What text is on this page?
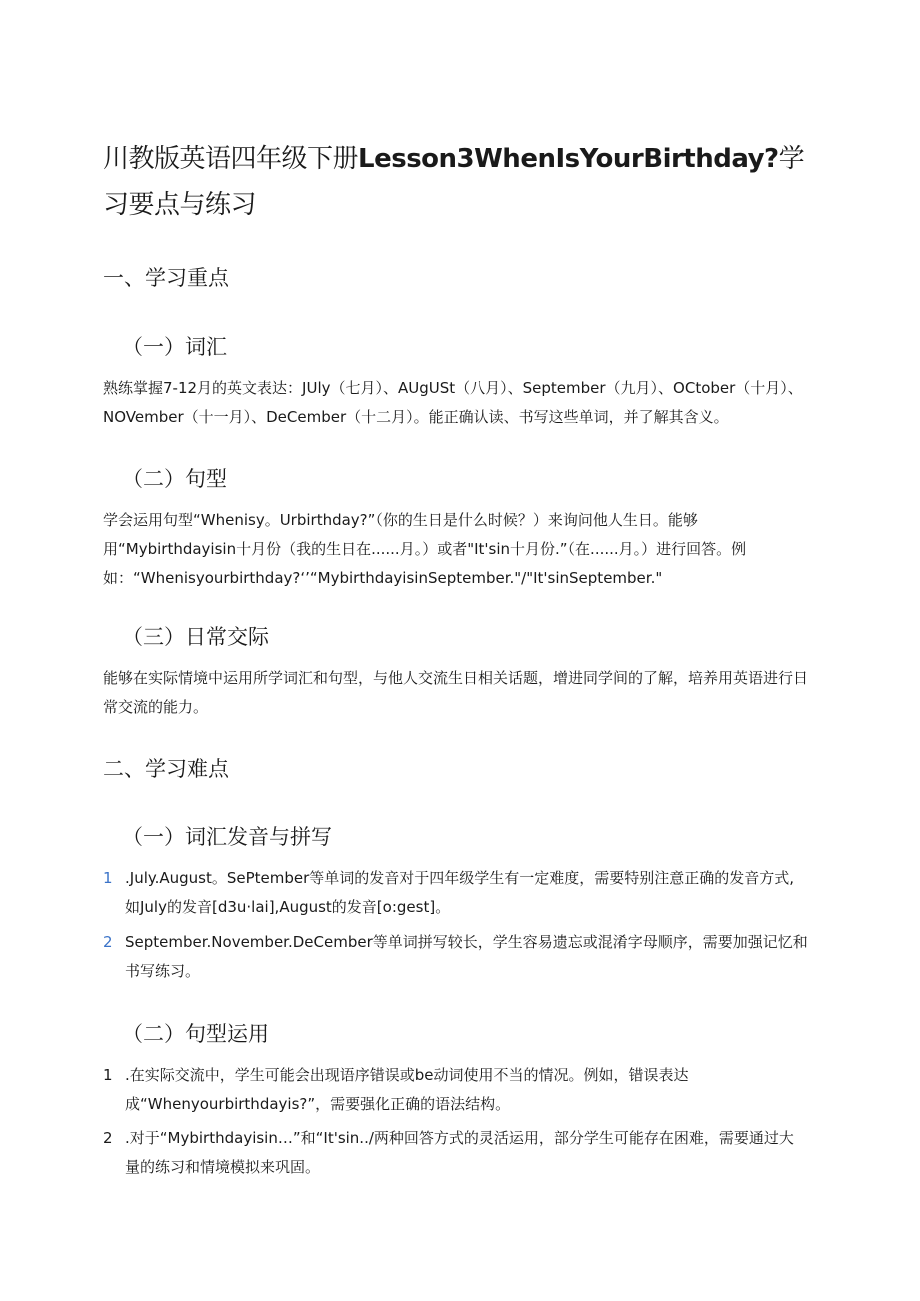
川教版英语四年级下册Lesson3WhenIsYourBirthday?学习要点与练习
一、学习重点
（一）词汇

熟练掌握7-12月的英文表达：JUly（七月）、AUgUSt（八月）、September（九月）、OCtober（十月）、NOVember（十一月）、DeCember（十二月）。能正确认读、书写这些单词，并了解其含义。

（二）句型

学会运用句型“Whenisy。Urbirthday?”（你的生日是什么时候？）来询问他人生日。能够用“Mybirthdayisin十月份（我的生日在......月。）或者"It'sin十月份.”（在......月。）进行回答。例如：“Whenisyourbirthday?‘’“MybirthdayisinSeptember."/"It'sinSeptember."

（三）日常交际

能够在实际情境中运用所学词汇和句型，与他人交流生日相关话题，增进同学间的了解，培养用英语进行日常交流的能力。

二、学习难点
（一）词汇发音与拼写
1 .July.August。SePtember等单词的发音对于四年级学生有一定难度，需要特别注意正确的发音方式,如July的发音[d3u·lai],August的发音[o:gest]。
2 September.November.DeCember等单词拼写较长，学生容易遗忘或混淆字母顺序，需要加强记忆和书写练习。
（二）句型运用
1 .在实际交流中，学生可能会出现语序错误或be动词使用不当的情况。例如，错误表达成“Whenyourbirthdayis?”，需要强化正确的语法结构。
2 .对于“Mybirthdayisin…”和“It'sin../两种回答方式的灵活运用，部分学生可能存在困难，需要通过大量的练习和情境模拟来巩固。
